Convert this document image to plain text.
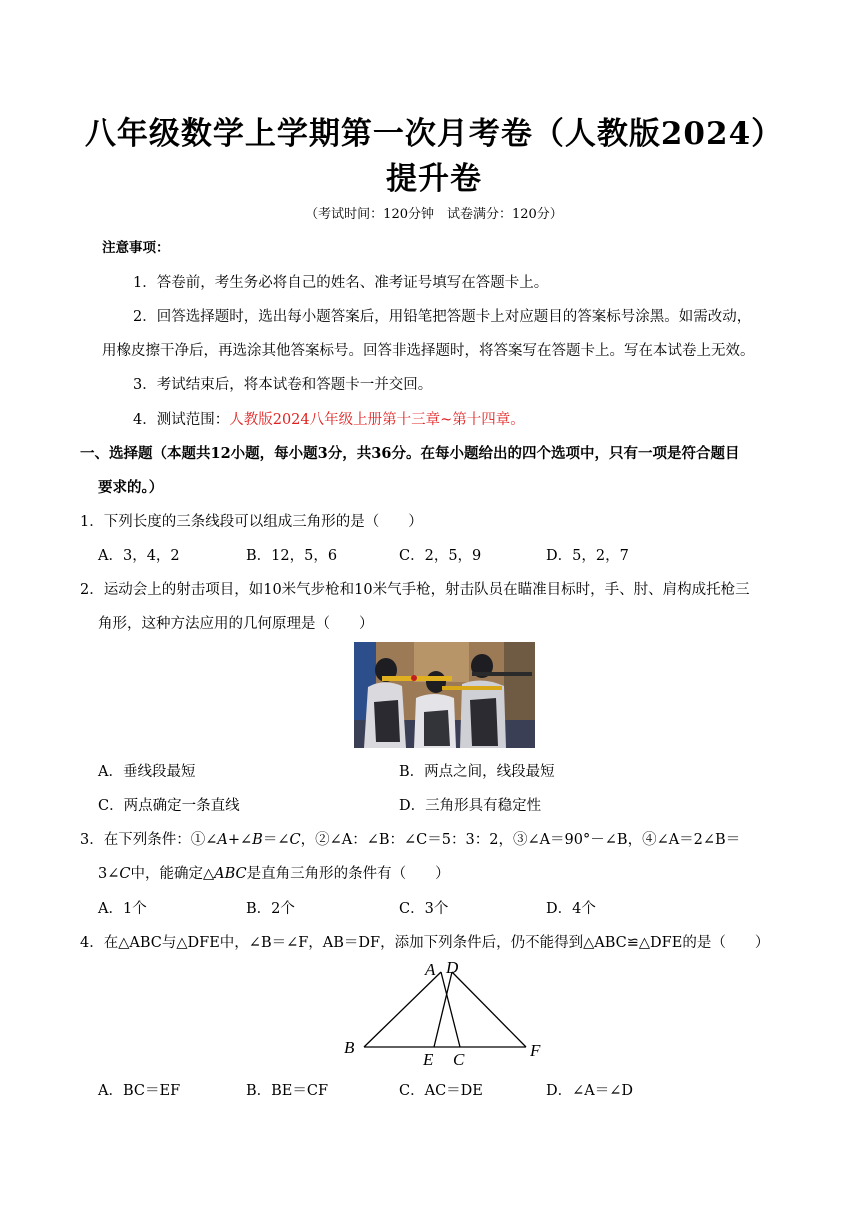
八年级数学上学期第一次月考卷（人教版2024）
提升卷
（考试时间：120分钟　试卷满分：120分）
注意事项：
1．答卷前，考生务必将自己的姓名、准考证号填写在答题卡上。
2．回答选择题时，选出每小题答案后，用铅笔把答题卡上对应题目的答案标号涂黑。如需改动，
用橡皮擦干净后，再选涂其他答案标号。回答非选择题时，将答案写在答题卡上。写在本试卷上无效。
3．考试结束后，将本试卷和答题卡一并交回。
4．测试范围：人教版2024八年级上册第十三章~第十四章。
一、选择题（本题共12小题，每小题3分，共36分。在每小题给出的四个选项中，只有一项是符合题目
要求的。）
1．下列长度的三条线段可以组成三角形的是（　　）
A．3，4，2	B．12，5，6	C．2，5，9	D．5，2，7
2．运动会上的射击项目，如10米气步枪和10米气手枪，射击队员在瞄准目标时，手、肘、肩构成托枪三
角形，这种方法应用的几何原理是（　　）
A．垂线段最短	B．两点之间，线段最短
C．两点确定一条直线	D．三角形具有稳定性
3．在下列条件：①∠A+∠B＝∠C，②∠A：∠B：∠C＝5：3：2，③∠A＝90°－∠B，④∠A＝2∠B＝
3∠C中，能确定△ABC是直角三角形的条件有（　　）
A．1个	B．2个	C．3个	D．4个
4．在△ABC与△DFE中，∠B＝∠F，AB＝DF，添加下列条件后，仍不能得到△ABC≌△DFE的是（　　）
A D
B
E C	F
A．BC＝EF	B．BE＝CF	C．AC＝DE	D．∠A＝∠D
